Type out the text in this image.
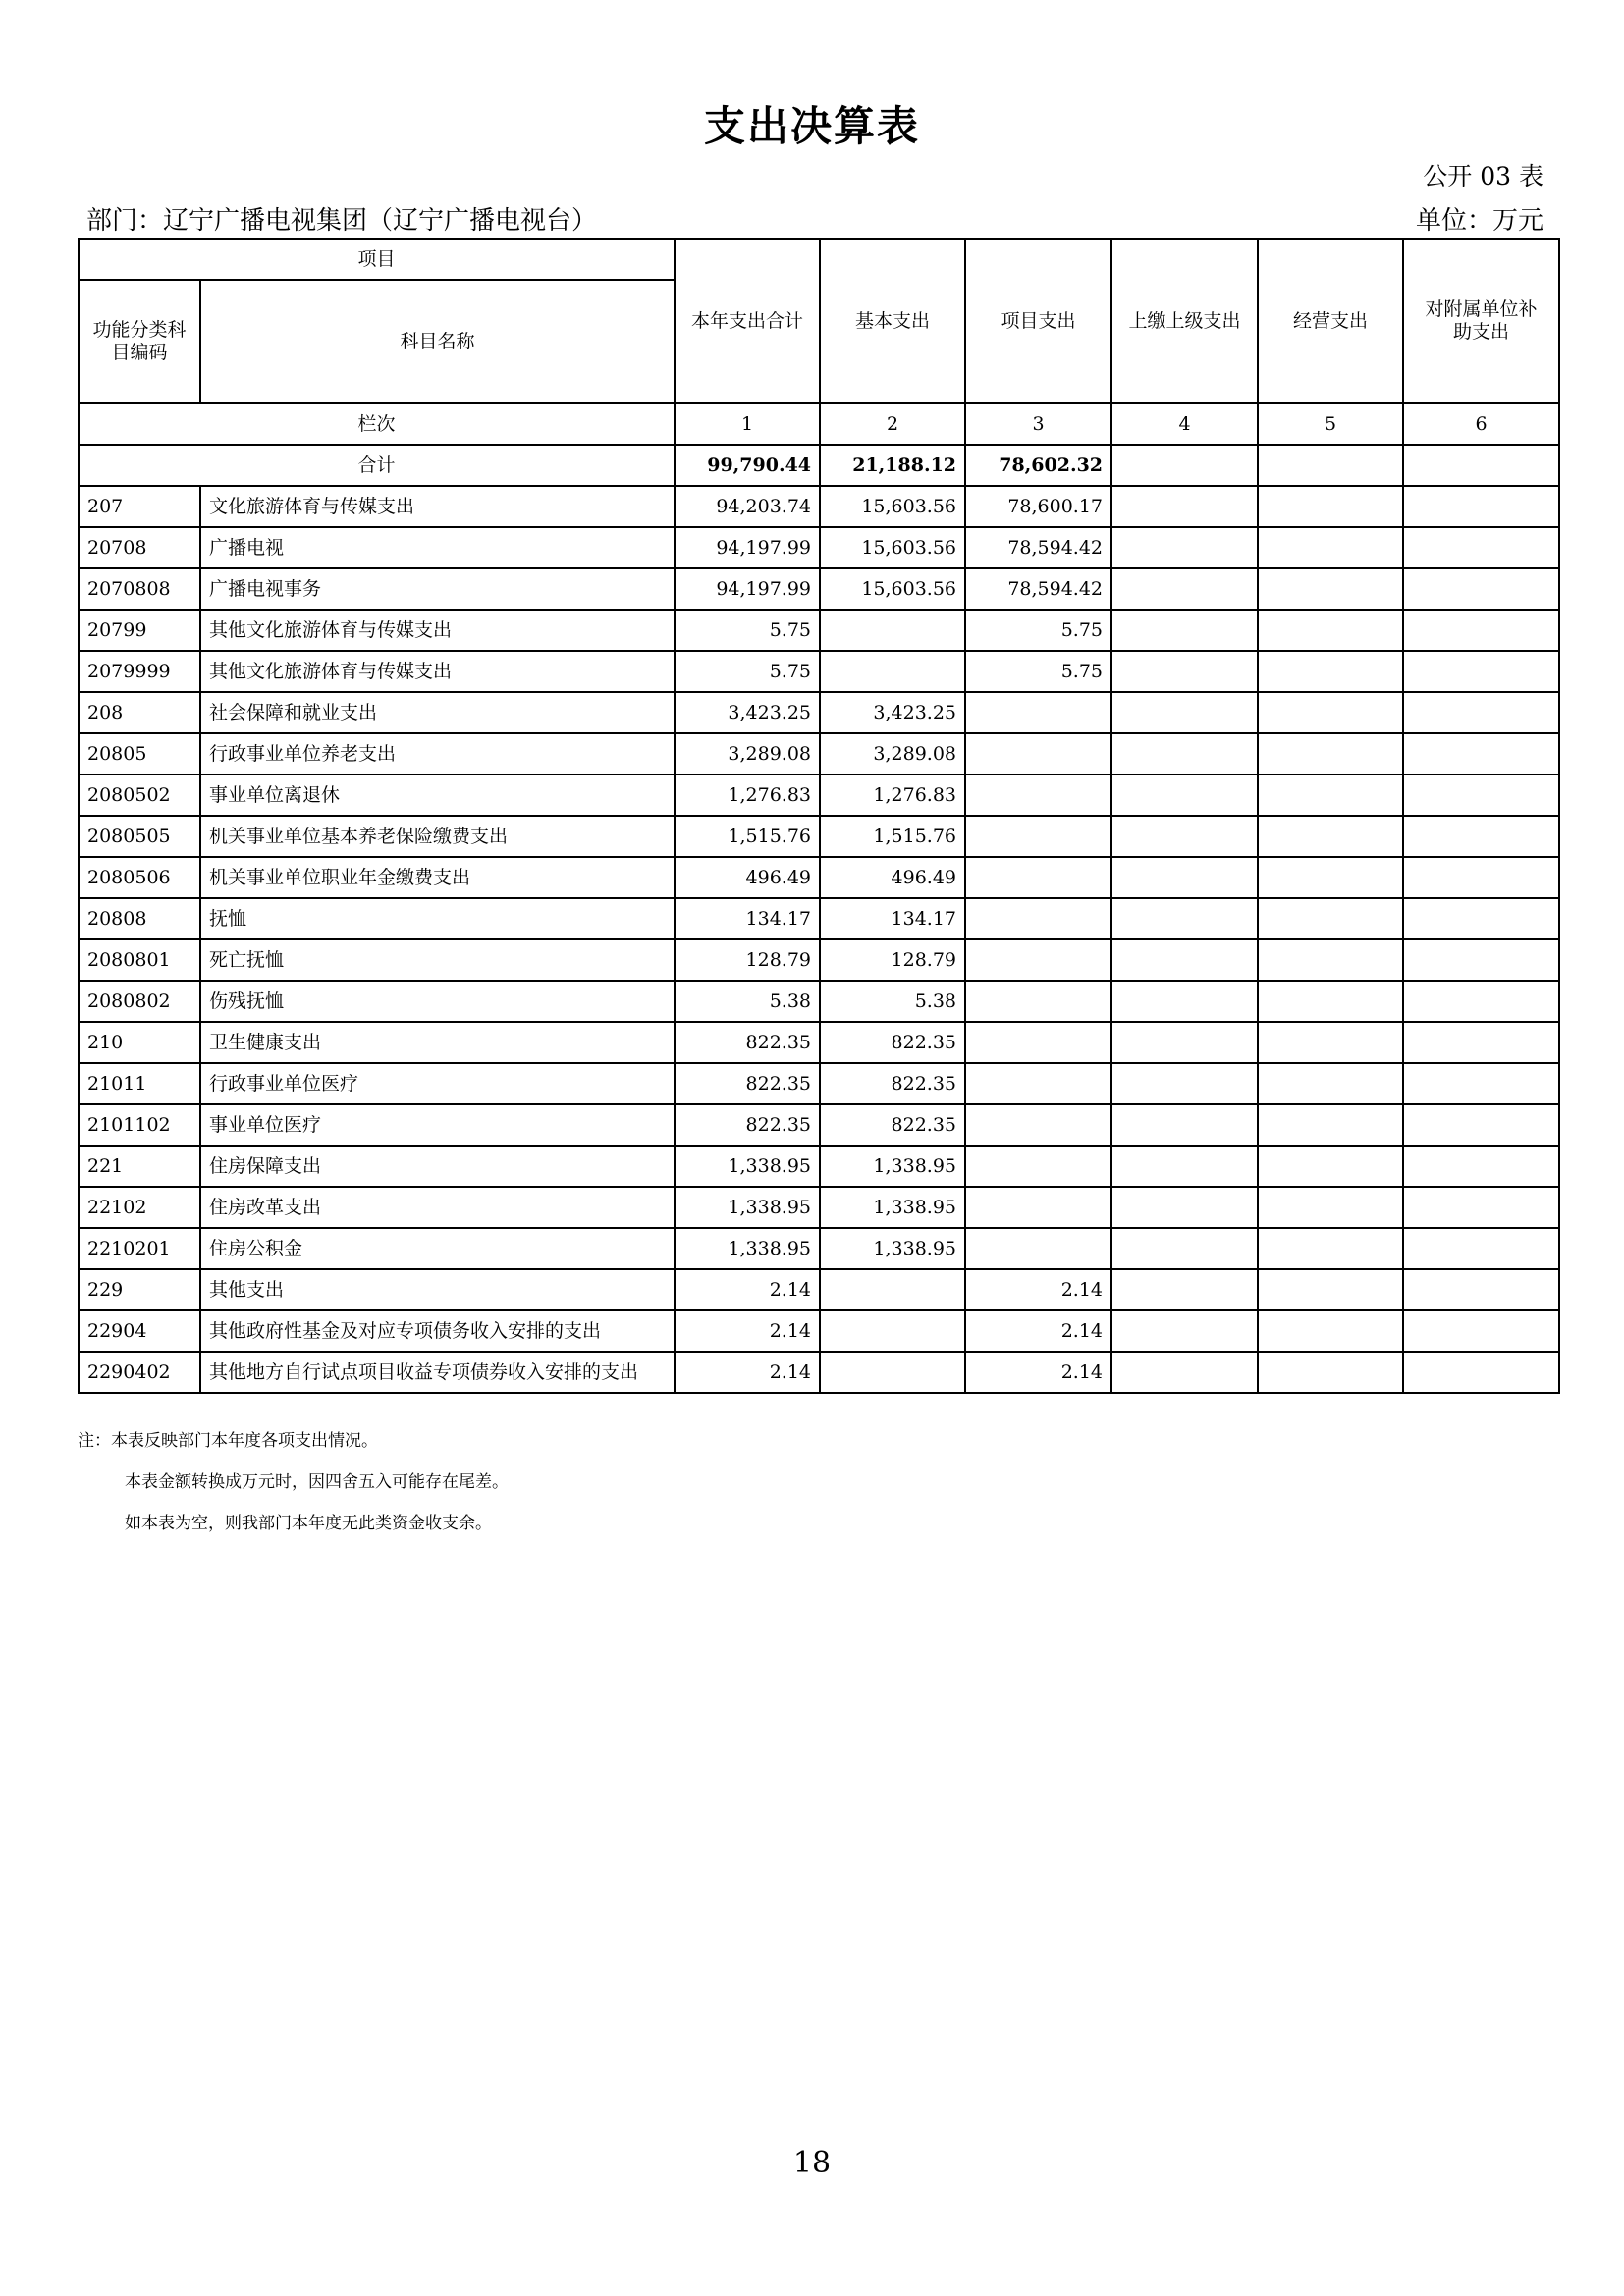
支出决算表
公开 03 表
部门：辽宁广播电视集团（辽宁广播电视台）	单位：万元
项目		本年支出合计	基本支出	项目支出	上缴上级支出	经营支出	对附属单位补助支出
功能分类科目编码	科目名称						
栏次		1	2	3	4	5	6
合计		99,790.44	21,188.12	78,602.32			
207	文化旅游体育与传媒支出	94,203.74	15,603.56	78,600.17			
20708	广播电视	94,197.99	15,603.56	78,594.42			
2070808	广播电视事务	94,197.99	15,603.56	78,594.42			
20799	其他文化旅游体育与传媒支出	5.75		5.75			
2079999	其他文化旅游体育与传媒支出	5.75		5.75			
208	社会保障和就业支出	3,423.25	3,423.25				
20805	行政事业单位养老支出	3,289.08	3,289.08				
2080502	事业单位离退休	1,276.83	1,276.83				
2080505	机关事业单位基本养老保险缴费支出	1,515.76	1,515.76				
2080506	机关事业单位职业年金缴费支出	496.49	496.49				
20808	抚恤	134.17	134.17				
2080801	死亡抚恤	128.79	128.79				
2080802	伤残抚恤	5.38	5.38				
210	卫生健康支出	822.35	822.35				
21011	行政事业单位医疗	822.35	822.35				
2101102	事业单位医疗	822.35	822.35				
221	住房保障支出	1,338.95	1,338.95				
22102	住房改革支出	1,338.95	1,338.95				
2210201	住房公积金	1,338.95	1,338.95				
229	其他支出	2.14		2.14			
22904	其他政府性基金及对应专项债务收入安排的支出	2.14		2.14			
2290402	其他地方自行试点项目收益专项债券收入安排的支出	2.14		2.14			
注：本表反映部门本年度各项支出情况。
本表金额转换成万元时，因四舍五入可能存在尾差。
如本表为空，则我部门本年度无此类资金收支余。
18
